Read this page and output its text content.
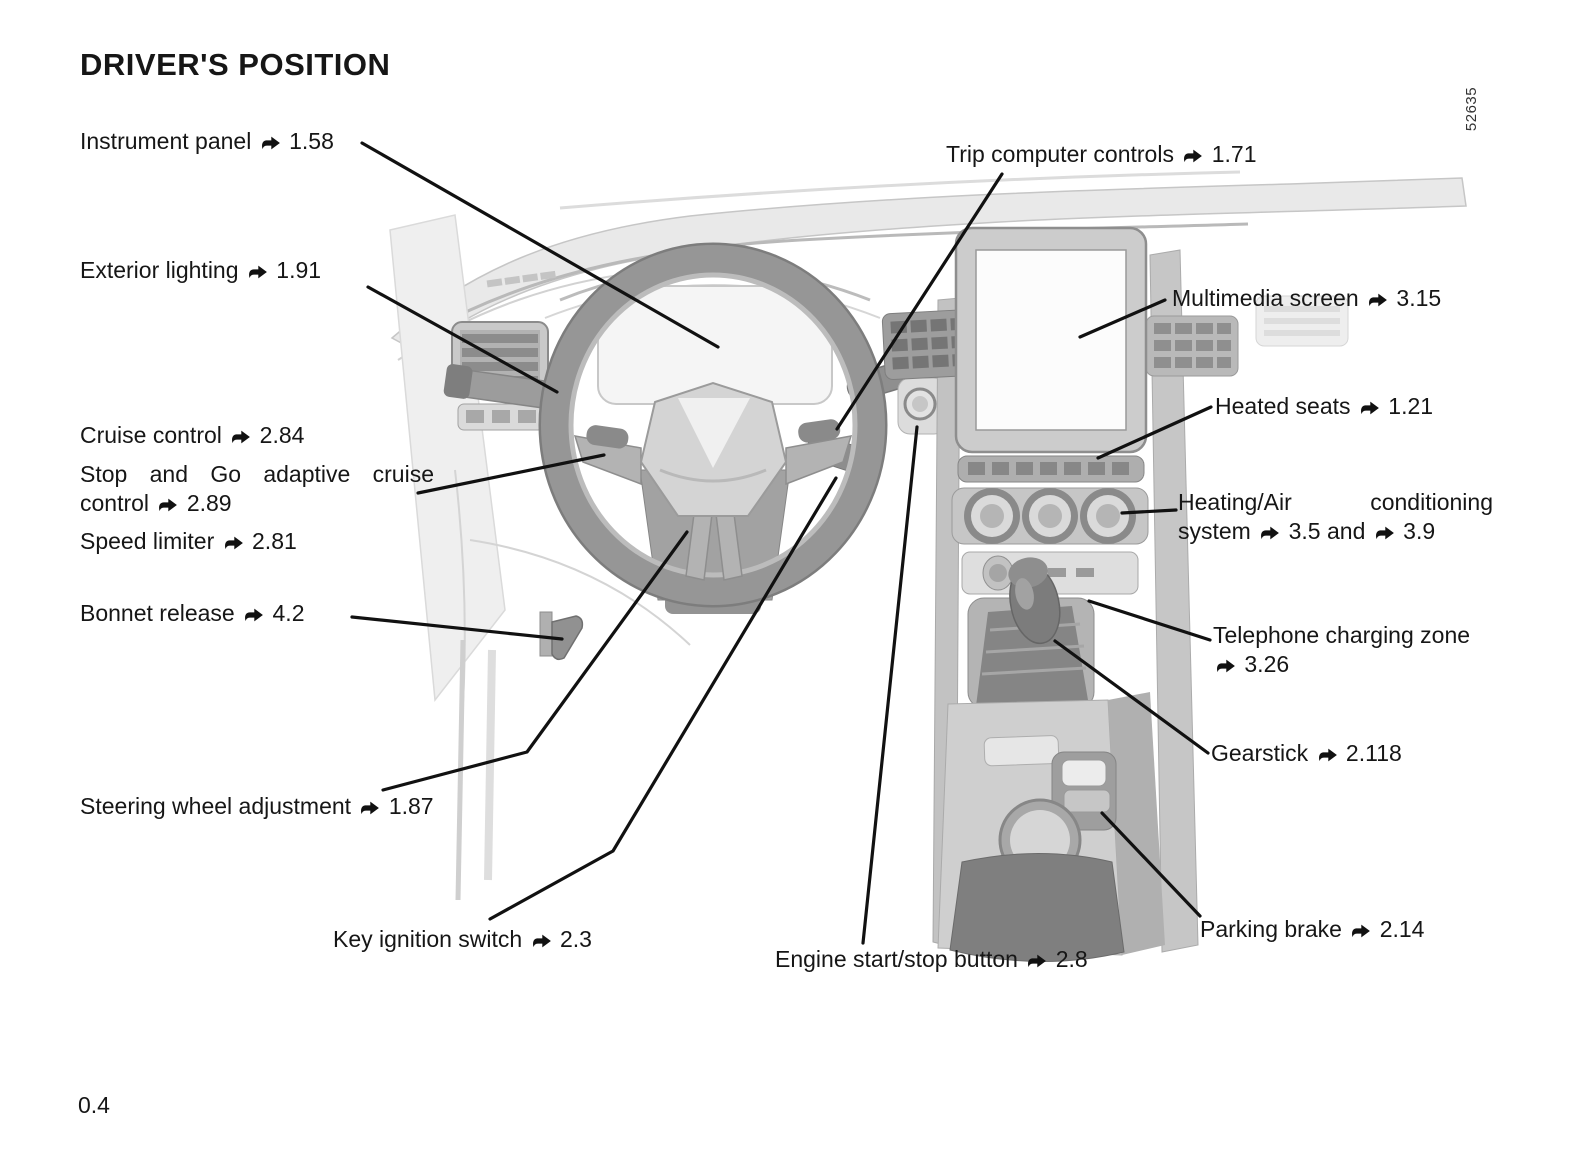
DRIVER'S POSITION
Instrument panel
1.58
Exterior lighting
1.91
Cruise control
2.84
Stop and Go adaptive cruise control
2.89
Speed limiter
2.81
Bonnet release
4.2
Steering wheel adjustment
1.87
Key ignition switch
2.3
Engine start/stop button
2.8
Trip computer controls
1.71
Multimedia screen
3.15
Heated seats
1.21
Heating/Air conditioning system
3.5 and
3.9
Telephone charging zone
3.26
Gearstick
2.118
Parking brake
2.14
52635
0.4
